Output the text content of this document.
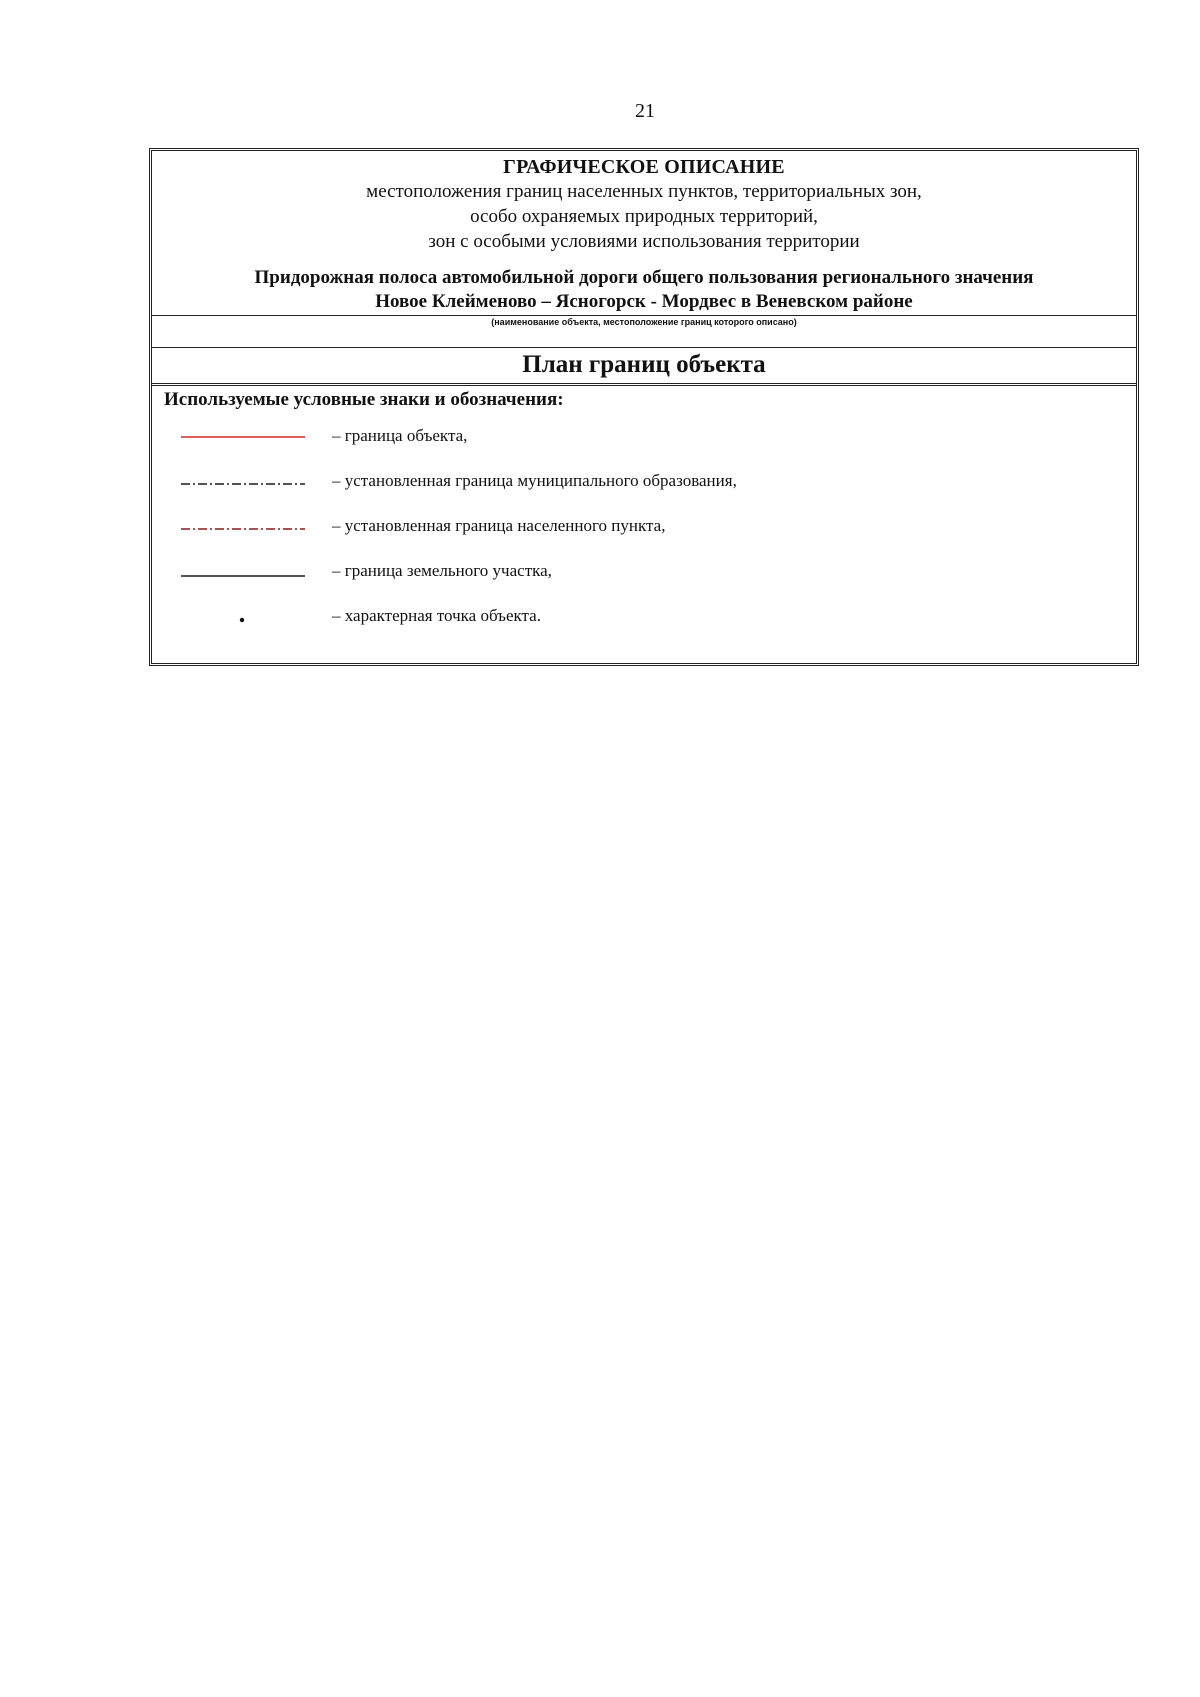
21
ГРАФИЧЕСКОЕ ОПИСАНИЕ
местоположения границ населенных пунктов, территориальных зон,
особо охраняемых природных территорий,
зон с особыми условиями использования территории
Придорожная полоса автомобильной дороги общего пользования регионального значения
Новое Клейменово – Ясногорск - Мордвес в Веневском районе
(наименование объекта, местоположение границ которого описано)
План границ объекта
Используемые условные знаки и обозначения:
– граница объекта,
– установленная граница муниципального образования,
– установленная граница населенного пункта,
– граница земельного участка,
– характерная точка объекта.
